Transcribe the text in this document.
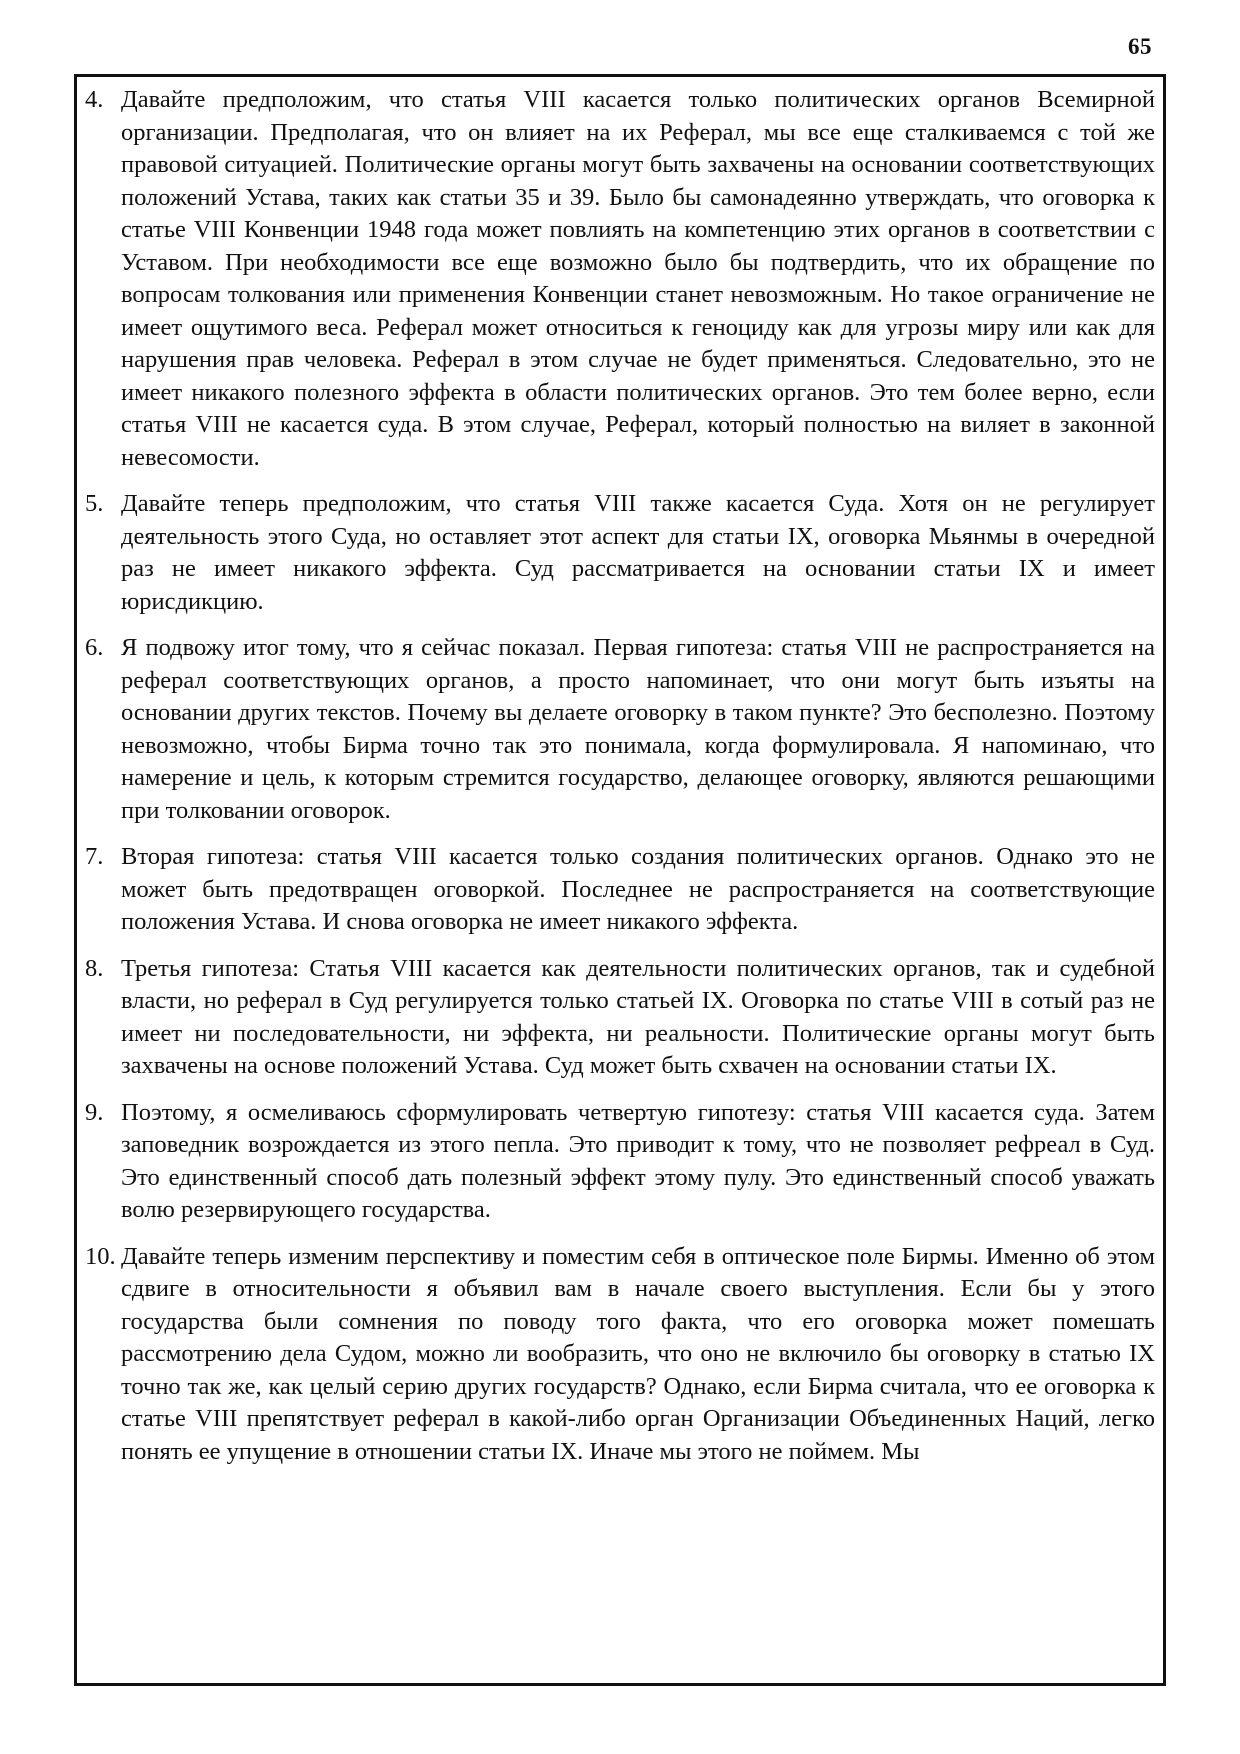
65
4. Давайте предположим, что статья VIII касается только политических органов Всемирной организации. Предполагая, что он влияет на их Реферал, мы все еще сталкиваемся с той же правовой ситуацией. Политические органы могут быть захвачены на основании соответствующих положений Устава, таких как статьи 35 и 39. Было бы самонадеянно утверждать, что оговорка к статье VIII Конвенции 1948 года может повлиять на компетенцию этих органов в соответствии с Уставом. При необходимости все еще возможно было бы подтвердить, что их обращение по вопросам толкования или применения Конвенции станет невозможным. Но такое ограничение не имеет ощутимого веса. Реферал может относиться к геноциду как для угрозы миру или как для нарушения прав человека. Реферал в этом случае не будет применяться. Следовательно, это не имеет никакого полезного эффекта в области политических органов. Это тем более верно, если статья VIII не касается суда. В этом случае, Реферал, который полностью на виляет в законной невесомости.
5. Давайте теперь предположим, что статья VIII также касается Суда. Хотя он не регулирует деятельность этого Суда, но оставляет этот аспект для статьи IX, оговорка Мьянмы в очередной раз не имеет никакого эффекта. Суд рассматривается на основании статьи IX и имеет юрисдикцию.
6. Я подвожу итог тому, что я сейчас показал. Первая гипотеза: статья VIII не распространяется на реферал соответствующих органов, а просто напоминает, что они могут быть изъяты на основании других текстов. Почему вы делаете оговорку в таком пункте? Это бесполезно. Поэтому невозможно, чтобы Бирма точно так это понимала, когда формулировала. Я напоминаю, что намерение и цель, к которым стремится государство, делающее оговорку, являются решающими при толковании оговорок.
7. Вторая гипотеза: статья VIII касается только создания политических органов. Однако это не может быть предотвращен оговоркой. Последнее не распространяется на соответствующие положения Устава. И снова оговорка не имеет никакого эффекта.
8. Третья гипотеза: Статья VIII касается как деятельности политических органов, так и судебной власти, но реферал в Суд регулируется только статьей IX. Оговорка по статье VIII в сотый раз не имеет ни последовательности, ни эффекта, ни реальности. Политические органы могут быть захвачены на основе положений Устава. Суд может быть схвачен на основании статьи IX.
9. Поэтому, я осмеливаюсь сформулировать четвертую гипотезу: статья VIII касается суда. Затем заповедник возрождается из этого пепла. Это приводит к тому, что не позволяет рефреал в Суд. Это единственный способ дать полезный эффект этому пулу. Это единственный способ уважать волю резервирующего государства.
10. Давайте теперь изменим перспективу и поместим себя в оптическое поле Бирмы. Именно об этом сдвиге в относительности я объявил вам в начале своего выступления. Если бы у этого государства были сомнения по поводу того факта, что его оговорка может помешать рассмотрению дела Судом, можно ли вообразить, что оно не включило бы оговорку в статью IX точно так же, как целый серию других государств? Однако, если Бирма считала, что ее оговорка к статье VIII препятствует реферал в какой-либо орган Организации Объединенных Наций, легко понять ее упущение в отношении статьи IX. Иначе мы этого не поймем. Мы
